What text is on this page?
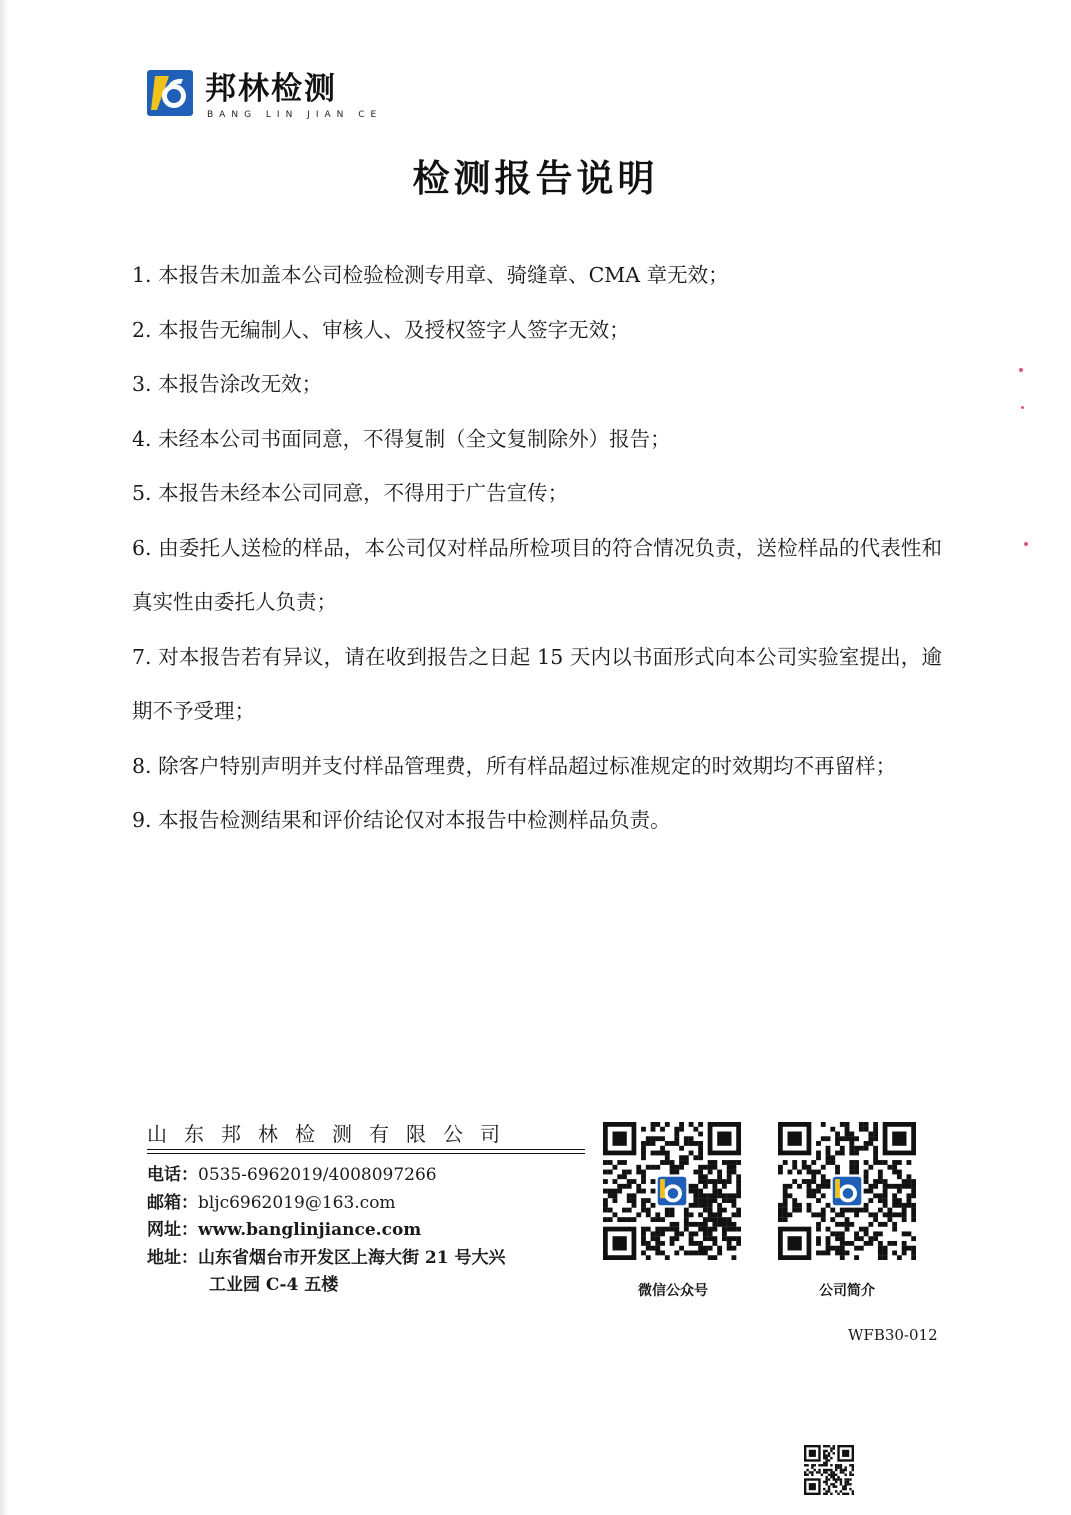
邦林检测
BANG LIN JIAN CE
检测报告说明
1. 本报告未加盖本公司检验检测专用章、骑缝章、CMA 章无效；
2. 本报告无编制人、审核人、及授权签字人签字无效；
3. 本报告涂改无效；
4. 未经本公司书面同意，不得复制（全文复制除外）报告；
5. 本报告未经本公司同意，不得用于广告宣传；
6. 由委托人送检的样品，本公司仅对样品所检项目的符合情况负责，送检样品的代表性和真实性由委托人负责；
7. 对本报告若有异议，请在收到报告之日起 15 天内以书面形式向本公司实验室提出，逾期不予受理；
8. 除客户特别声明并支付样品管理费，所有样品超过标准规定的时效期均不再留样；
9. 本报告检测结果和评价结论仅对本报告中检测样品负责。
山东邦林检测有限公司
电话：0535-6962019/4008097266
邮箱：bljc6962019@163.com
网址：www.banglinjiance.com
地址：山东省烟台市开发区上海大街 21 号大兴
工业园 C-4 五楼	微信公众号	公司简介
WFB30-012
